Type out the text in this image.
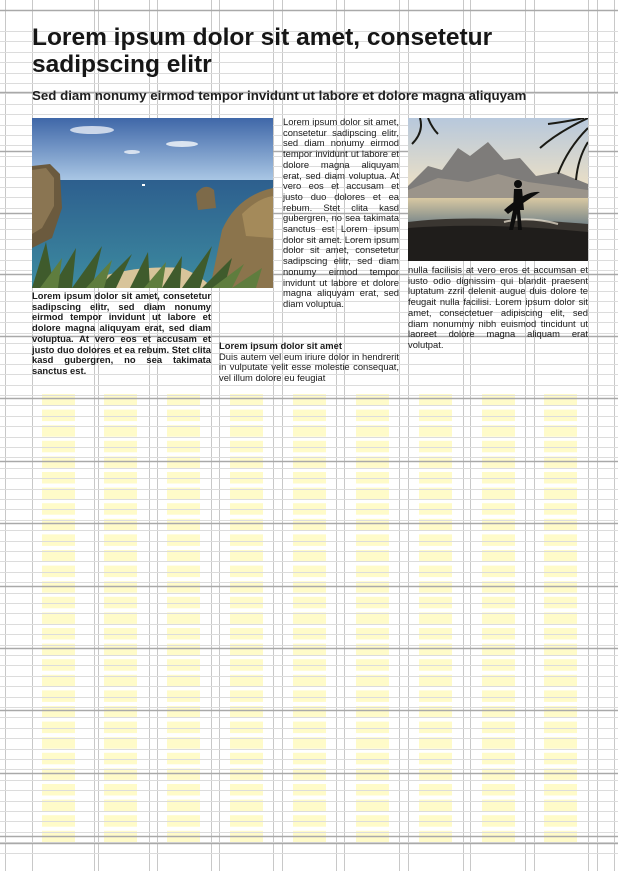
Lorem ipsum dolor sit amet, consetetur sadipscing elitr
Sed diam nonumy eirmod tempor invidunt ut labore et dolore magna aliquyam

Lorem ipsum dolor sit amet, consetetur sadipscing elitr, sed diam nonumy eirmod tempor invidunt ut labore et dolore magna aliquyam erat, sed diam voluptua. At vero eos et accusam et justo duo dolores et ea rebum. Stet clita kasd gubergren, no sea takimata sanctus est Lorem ipsum dolor sit amet. Lorem ipsum dolor sit amet, consetetur sadipscing elitr, sed diam nonumy eirmod tempor invidunt ut labore et dolore magna aliquyam erat, sed diam voluptua.

nulla facilisis at vero eros et accumsan et iusto odio dignissim qui blandit praesent luptatum zzril delenit augue duis dolore te feugait nulla facilisi. Lorem ipsum dolor sit amet, consectetuer adipiscing elit, sed diam nonummy nibh euismod tincidunt ut laoreet dolore magna aliquam erat volutpat.

Lorem ipsum dolor sit amet, consetetur sadipscing elitr, sed diam nonumy eirmod tempor invidunt ut labore et dolore magna aliquyam erat, sed diam voluptua. At vero eos et accusam et justo duo dolores et ea rebum. Stet clita kasd gubergren, no sea takimata sanctus est.

Lorem ipsum dolor sit amet

Duis autem vel eum iriure dolor in hendrerit in vulputate velit esse molestie consequat, vel illum dolore eu feugiat
